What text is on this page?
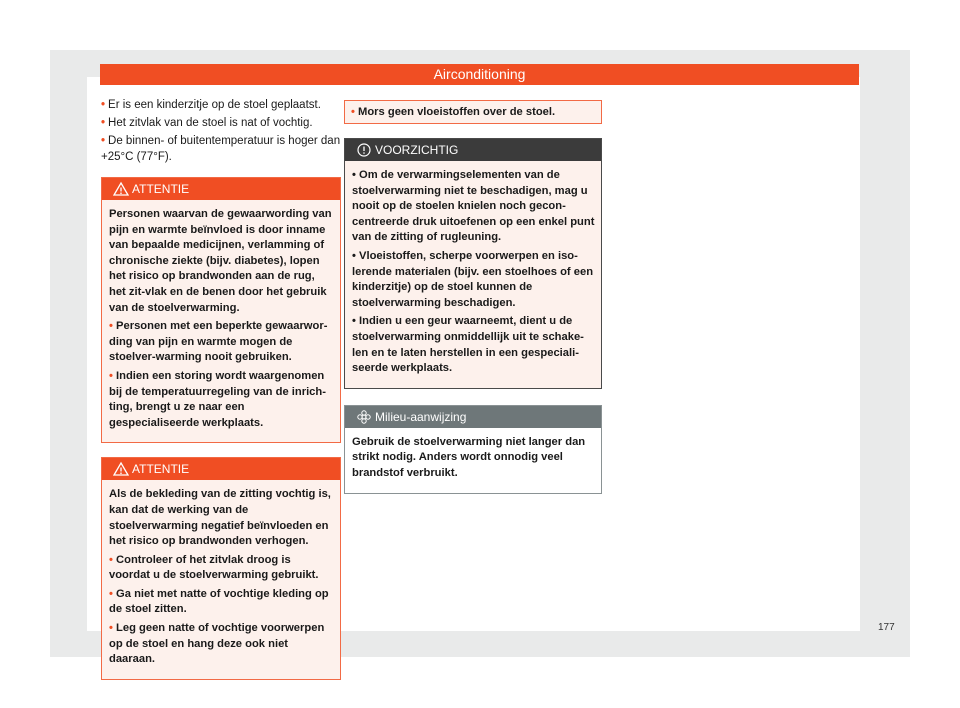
Airconditioning

• Er is een kinderzitje op de stoel geplaatst.

• Het zitvlak van de stoel is nat of vochtig.

• De binnen- of buitentemperatuur is hoger dan +25°C (77°F).

ATTENTIE

Personen waarvan de gewaarwording van pijn en warmte beïnvloed is door inname van bepaalde medicijnen, verlamming of chronische ziekte (bijv. diabetes), lopen het risico op brandwonden aan de rug, het zit-vlak en de benen door het gebruik van de stoelverwarming.

• Personen met een beperkte gewaarwor-ding van pijn en warmte mogen de stoelver-warming nooit gebruiken.

• Indien een storing wordt waargenomen bij de temperatuurregeling van de inrich-ting, brengt u ze naar een gespecialiseerde werkplaats.

ATTENTIE

Als de bekleding van de zitting vochtig is, kan dat de werking van de stoelverwarming negatief beïnvloeden en het risico op brandwonden verhogen.

• Controleer of het zitvlak droog is voordat u de stoelverwarming gebruikt.

• Ga niet met natte of vochtige kleding op de stoel zitten.

• Leg geen natte of vochtige voorwerpen op de stoel en hang deze ook niet daaraan.

• Mors geen vloeistoffen over de stoel.
VOORZICHTIG

• Om de verwarmingselementen van de stoelverwarming niet te beschadigen, mag u nooit op de stoelen knielen noch gecon-centreerde druk uitoefenen op een enkel punt van de zitting of rugleuning.

• Vloeistoffen, scherpe voorwerpen en iso-lerende materialen (bijv. een stoelhoes of een kinderzitje) op de stoel kunnen de stoelverwarming beschadigen.

• Indien u een geur waarneemt, dient u de stoelverwarming onmiddellijk uit te schake-len en te laten herstellen in een gespeciali-seerde werkplaats.

Milieu-aanwijzing

Gebruik de stoelverwarming niet langer dan strikt nodig. Anders wordt onnodig veel brandstof verbruikt.

177
